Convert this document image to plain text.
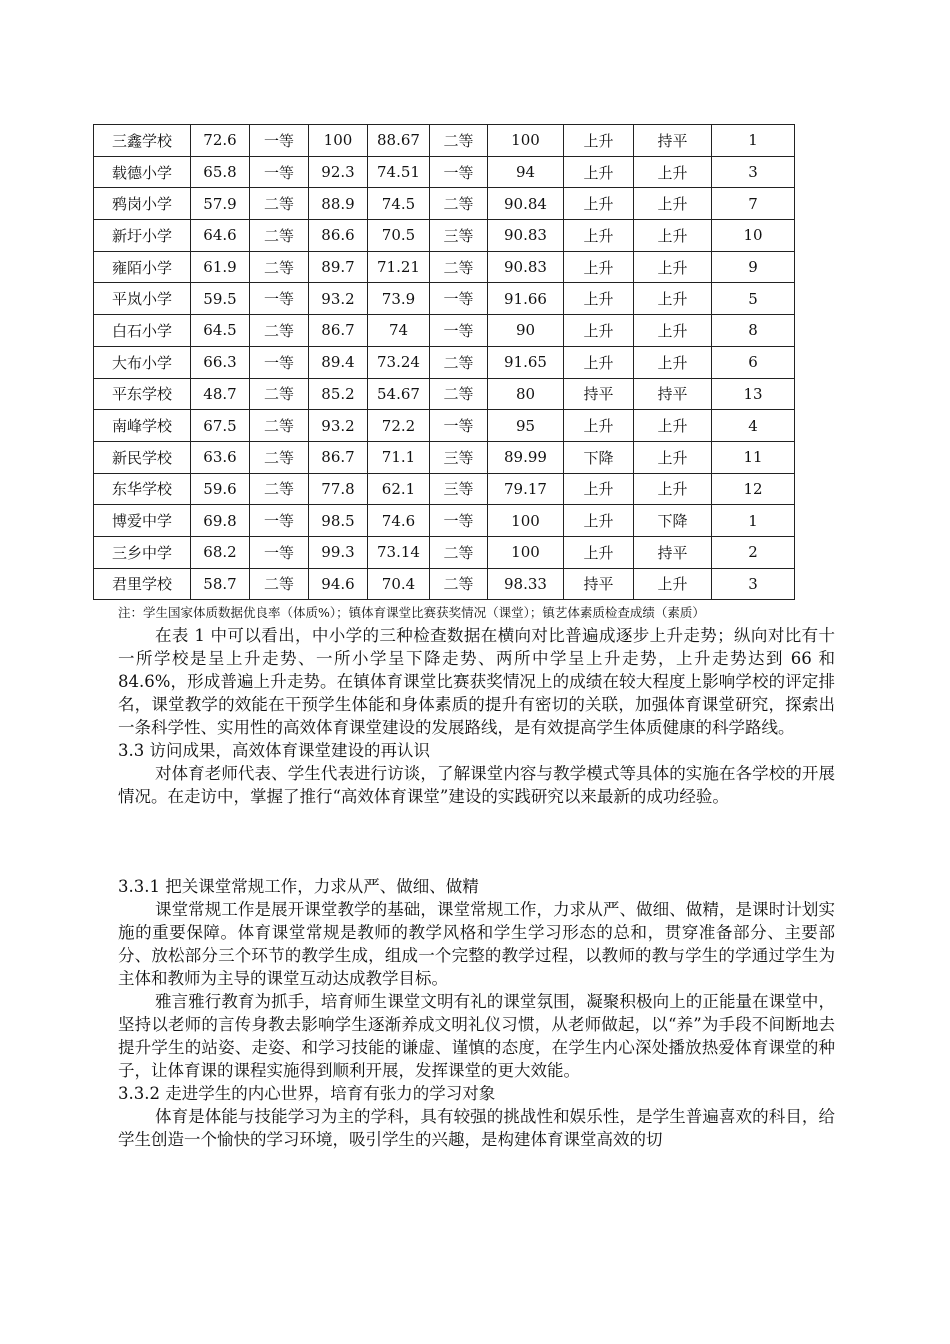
三鑫学校	72.6	一等	100	88.67	二等	100	上升	持平	1
载德小学	65.8	一等	92.3	74.51	一等	94	上升	上升	3
鸦岗小学	57.9	二等	88.9	74.5	二等	90.84	上升	上升	7
新圩小学	64.6	二等	86.6	70.5	三等	90.83	上升	上升	10
雍陌小学	61.9	二等	89.7	71.21	二等	90.83	上升	上升	9
平岚小学	59.5	一等	93.2	73.9	一等	91.66	上升	上升	5
白石小学	64.5	二等	86.7	74	一等	90	上升	上升	8
大布小学	66.3	一等	89.4	73.24	二等	91.65	上升	上升	6
平东学校	48.7	二等	85.2	54.67	二等	80	持平	持平	13
南峰学校	67.5	二等	93.2	72.2	一等	95	上升	上升	4
新民学校	63.6	二等	86.7	71.1	三等	89.99	下降	上升	11
东华学校	59.6	二等	77.8	62.1	三等	79.17	上升	上升	12
博爱中学	69.8	一等	98.5	74.6	一等	100	上升	下降	1
三乡中学	68.2	一等	99.3	73.14	二等	100	上升	持平	2
君里学校	58.7	二等	94.6	70.4	二等	98.33	持平	上升	3
注：学生国家体质数据优良率（体质%）；镇体育课堂比赛获奖情况（课堂）；镇艺体素质检查成绩（素质）

在表 1 中可以看出，中小学的三种检查数据在横向对比普遍成逐步上升走势；纵向对比有十一所学校是呈上升走势、一所小学呈下降走势、两所中学呈上升走势，上升走势达到 66 和 84.6%，形成普遍上升走势。在镇体育课堂比赛获奖情况上的成绩在较大程度上影响学校的评定排名，课堂教学的效能在干预学生体能和身体素质的提升有密切的关联，加强体育课堂研究，探索出一条科学性、实用性的高效体育课堂建设的发展路线，是有效提高学生体质健康的科学路线。

3.3 访问成果，高效体育课堂建设的再认识

对体育老师代表、学生代表进行访谈，了解课堂内容与教学模式等具体的实施在各学校的开展情况。在走访中，掌握了推行“高效体育课堂”建设的实践研究以来最新的成功经验。

3.3.1 把关课堂常规工作，力求从严、做细、做精

课堂常规工作是展开课堂教学的基础，课堂常规工作，力求从严、做细、做精，是课时计划实施的重要保障。体育课堂常规是教师的教学风格和学生学习形态的总和，贯穿准备部分、主要部分、放松部分三个环节的教学生成，组成一个完整的教学过程，以教师的教与学生的学通过学生为主体和教师为主导的课堂互动达成教学目标。

雅言雅行教育为抓手，培育师生课堂文明有礼的课堂氛围，凝聚积极向上的正能量在课堂中，坚持以老师的言传身教去影响学生逐渐养成文明礼仪习惯，从老师做起，以“养”为手段不间断地去提升学生的站姿、走姿、和学习技能的谦虚、谨慎的态度，在学生内心深处播放热爱体育课堂的种子，让体育课的课程实施得到顺利开展，发挥课堂的更大效能。

3.3.2 走进学生的内心世界，培育有张力的学习对象

体育是体能与技能学习为主的学科，具有较强的挑战性和娱乐性，是学生普遍喜欢的科目，给学生创造一个愉快的学习环境，吸引学生的兴趣，是构建体育课堂高效的切
